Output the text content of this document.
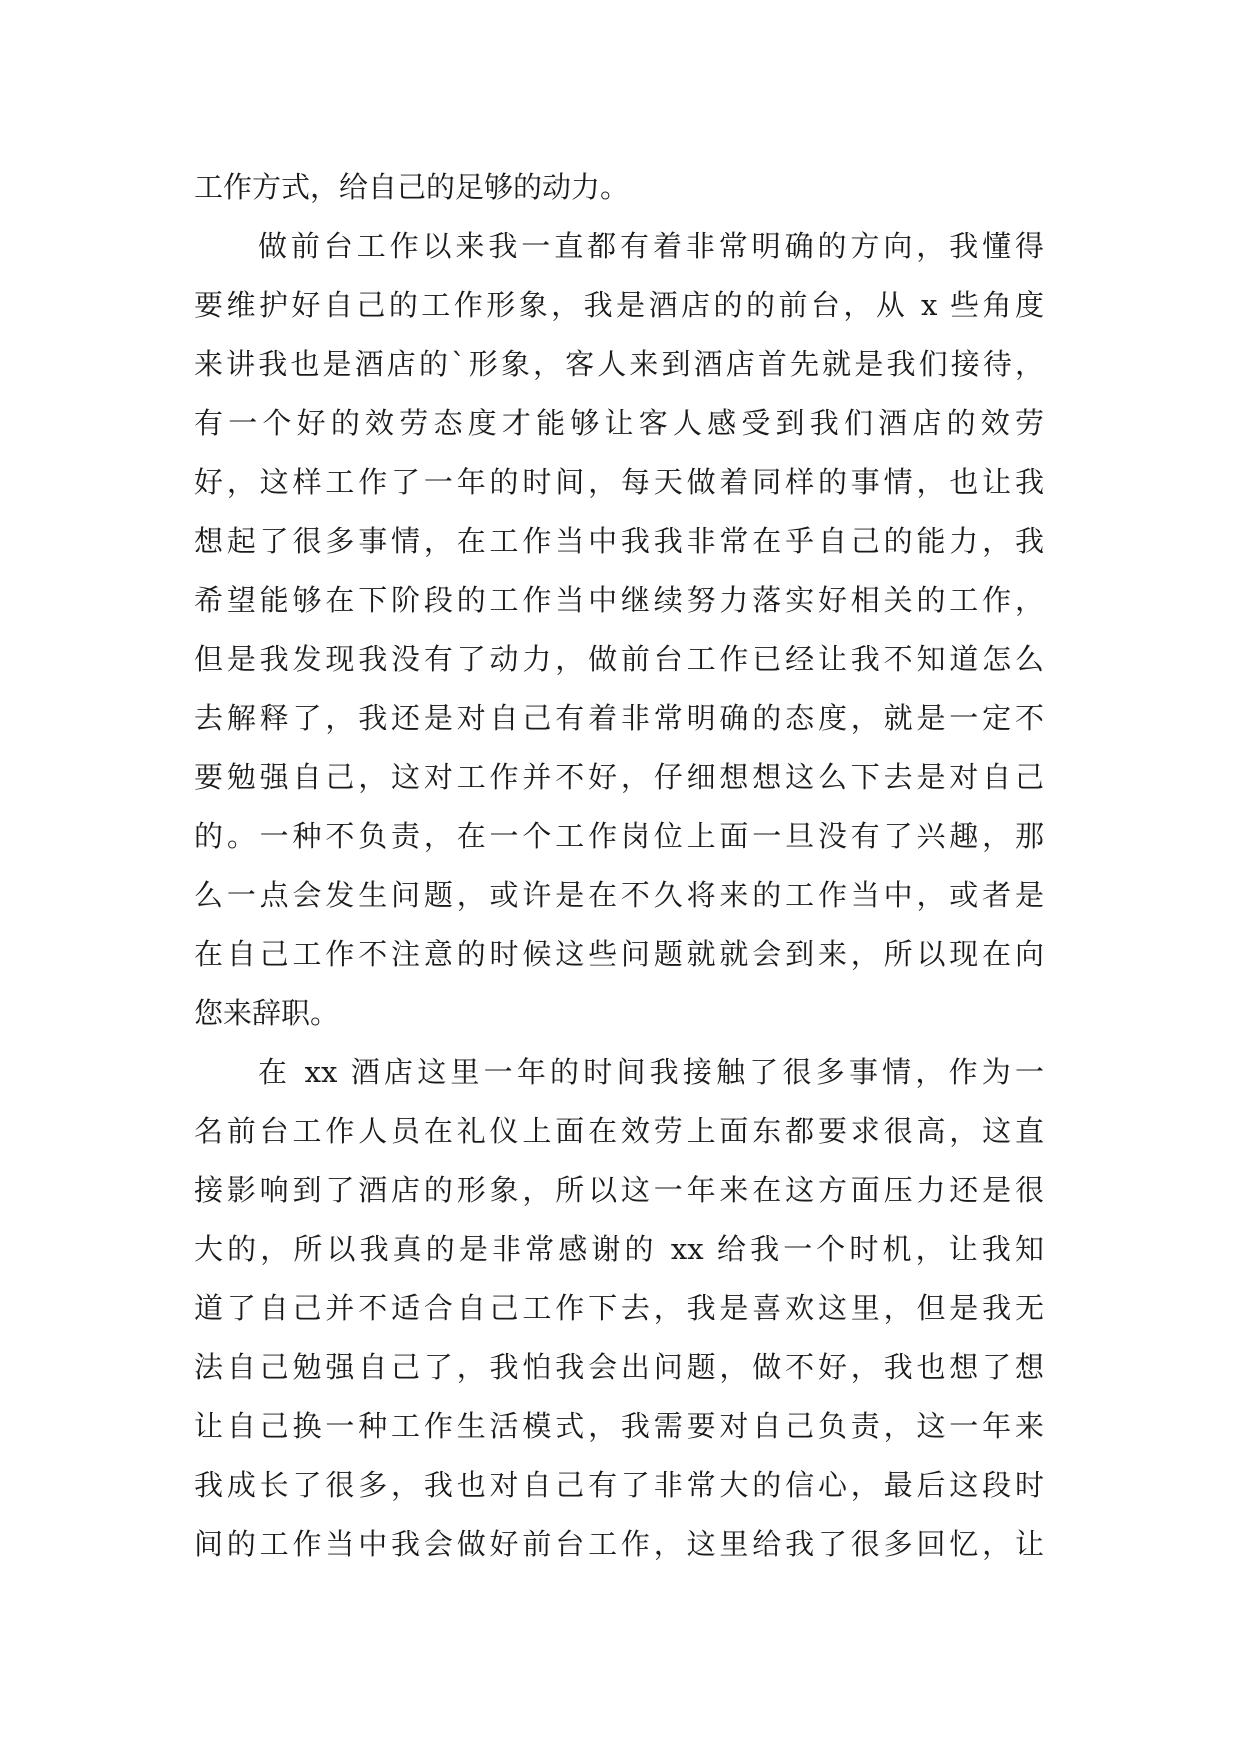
工作方式，给自己的足够的动力。
做前台工作以来我一直都有着非常明确的方向，我懂得
要维护好自己的工作形象，我是酒店的的前台，从 x 些角度
来讲我也是酒店的`形象，客人来到酒店首先就是我们接待，
有一个好的效劳态度才能够让客人感受到我们酒店的效劳
好，这样工作了一年的时间，每天做着同样的事情，也让我
想起了很多事情，在工作当中我我非常在乎自己的能力，我
希望能够在下阶段的工作当中继续努力落实好相关的工作，
但是我发现我没有了动力，做前台工作已经让我不知道怎么
去解释了，我还是对自己有着非常明确的态度，就是一定不
要勉强自己，这对工作并不好，仔细想想这么下去是对自己
的。一种不负责，在一个工作岗位上面一旦没有了兴趣，那
么一点会发生问题，或许是在不久将来的工作当中，或者是
在自己工作不注意的时候这些问题就就会到来，所以现在向
您来辞职。
在 xx 酒店这里一年的时间我接触了很多事情，作为一
名前台工作人员在礼仪上面在效劳上面东都要求很高，这直
接影响到了酒店的形象，所以这一年来在这方面压力还是很
大的，所以我真的是非常感谢的 xx 给我一个时机，让我知
道了自己并不适合自己工作下去，我是喜欢这里，但是我无
法自己勉强自己了，我怕我会出问题，做不好，我也想了想
让自己换一种工作生活模式，我需要对自己负责，这一年来
我成长了很多，我也对自己有了非常大的信心，最后这段时
间的工作当中我会做好前台工作，这里给我了很多回忆，让
